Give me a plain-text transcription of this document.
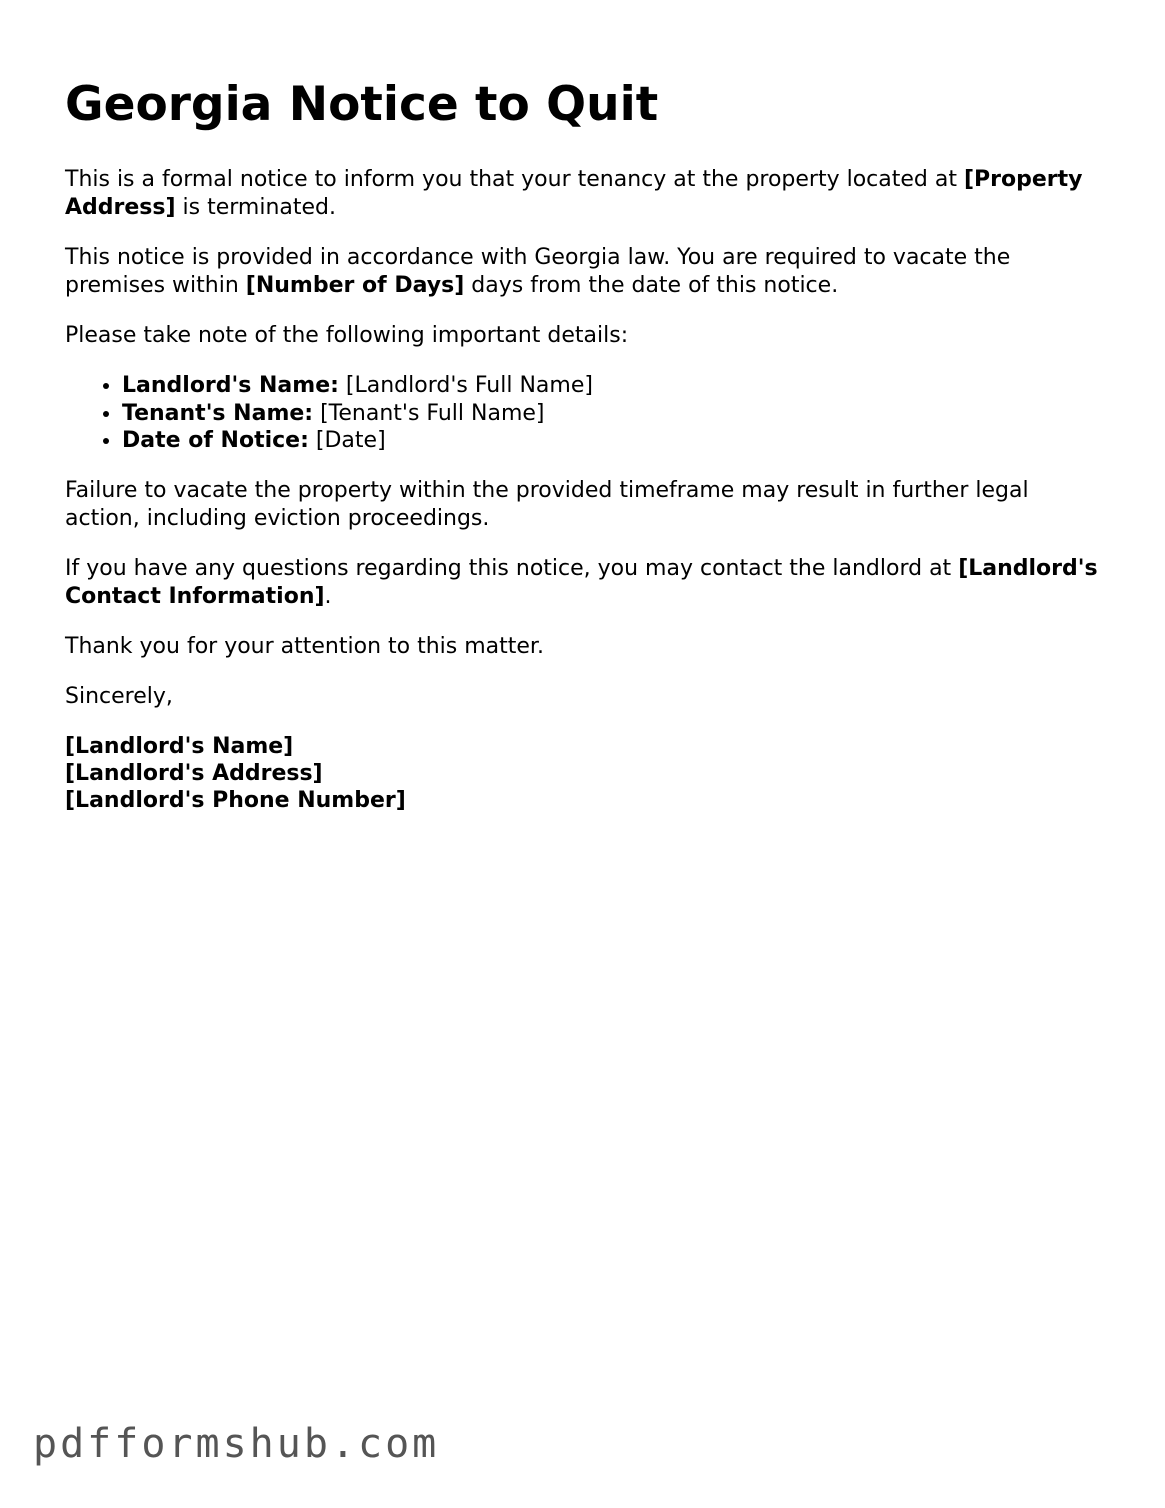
Georgia Notice to Quit

This is a formal notice to inform you that your tenancy at the property located at [Property Address] is terminated.

This notice is provided in accordance with Georgia law. You are required to vacate the premises within [Number of Days] days from the date of this notice.

Please take note of the following important details:

• Landlord's Name: [Landlord's Full Name]
• Tenant's Name: [Tenant's Full Name]
• Date of Notice: [Date]

Failure to vacate the property within the provided timeframe may result in further legal action, including eviction proceedings.

If you have any questions regarding this notice, you may contact the landlord at [Landlord's Contact Information].

Thank you for your attention to this matter.

Sincerely,

[Landlord's Name]
[Landlord's Address]
[Landlord's Phone Number]
pdfformshub.com
